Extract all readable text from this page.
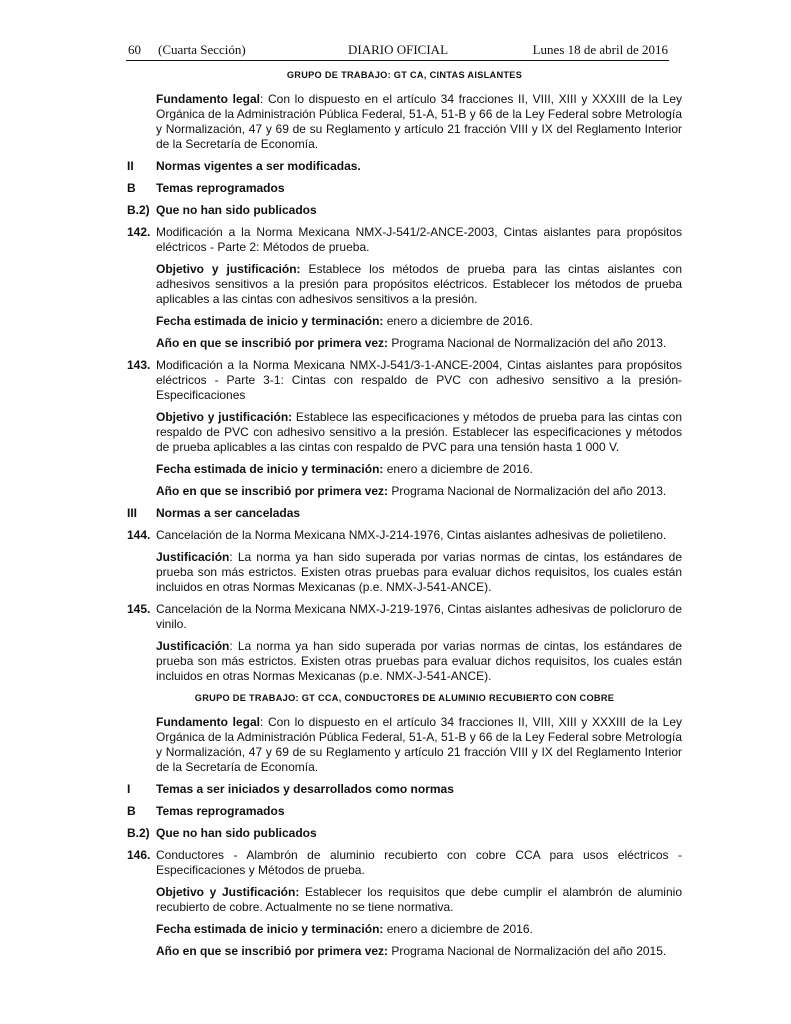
DIARIO OFICIAL
60 (Cuarta Sección)	Lunes 18 de abril de 2016
GRUPO DE TRABAJO: GT CA, CINTAS AISLANTES
Fundamento legal: Con lo dispuesto en el artículo 34 fracciones II, VIII, XIII y XXXIII de la Ley Orgánica de la Administración Pública Federal, 51-A, 51-B y 66 de la Ley Federal sobre Metrología y Normalización, 47 y 69 de su Reglamento y artículo 21 fracción VIII y IX del Reglamento Interior de la Secretaría de Economía.
II Normas vigentes a ser modificadas.
B Temas reprogramados
B.2) Que no han sido publicados
142. Modificación a la Norma Mexicana NMX-J-541/2-ANCE-2003, Cintas aislantes para propósitos eléctricos - Parte 2: Métodos de prueba.
Objetivo y justificación: Establece los métodos de prueba para las cintas aislantes con adhesivos sensitivos a la presión para propósitos eléctricos. Establecer los métodos de prueba aplicables a las cintas con adhesivos sensitivos a la presión.
Fecha estimada de inicio y terminación: enero a diciembre de 2016.
Año en que se inscribió por primera vez: Programa Nacional de Normalización del año 2013.
143. Modificación a la Norma Mexicana NMX-J-541/3-1-ANCE-2004, Cintas aislantes para propósitos eléctricos - Parte 3-1: Cintas con respaldo de PVC con adhesivo sensitivo a la presión-Especificaciones
Objetivo y justificación: Establece las especificaciones y métodos de prueba para las cintas con respaldo de PVC con adhesivo sensitivo a la presión. Establecer las especificaciones y métodos de prueba aplicables a las cintas con respaldo de PVC para una tensión hasta 1 000 V.
Fecha estimada de inicio y terminación: enero a diciembre de 2016.
Año en que se inscribió por primera vez: Programa Nacional de Normalización del año 2013.
III Normas a ser canceladas
144. Cancelación de la Norma Mexicana NMX-J-214-1976, Cintas aislantes adhesivas de polietileno.
Justificación: La norma ya han sido superada por varias normas de cintas, los estándares de prueba son más estrictos. Existen otras pruebas para evaluar dichos requisitos, los cuales están incluidos en otras Normas Mexicanas (p.e. NMX-J-541-ANCE).
145. Cancelación de la Norma Mexicana NMX-J-219-1976, Cintas aislantes adhesivas de policloruro de vinilo.
Justificación: La norma ya han sido superada por varias normas de cintas, los estándares de prueba son más estrictos. Existen otras pruebas para evaluar dichos requisitos, los cuales están incluidos en otras Normas Mexicanas (p.e. NMX-J-541-ANCE).
GRUPO DE TRABAJO: GT CCA, CONDUCTORES DE ALUMINIO RECUBIERTO CON COBRE
Fundamento legal: Con lo dispuesto en el artículo 34 fracciones II, VIII, XIII y XXXIII de la Ley Orgánica de la Administración Pública Federal, 51-A, 51-B y 66 de la Ley Federal sobre Metrología y Normalización, 47 y 69 de su Reglamento y artículo 21 fracción VIII y IX del Reglamento Interior de la Secretaría de Economía.
I Temas a ser iniciados y desarrollados como normas
B Temas reprogramados
B.2) Que no han sido publicados
146. Conductores - Alambrón de aluminio recubierto con cobre CCA para usos eléctricos - Especificaciones y Métodos de prueba.
Objetivo y Justificación: Establecer los requisitos que debe cumplir el alambrón de aluminio recubierto de cobre. Actualmente no se tiene normativa.
Fecha estimada de inicio y terminación: enero a diciembre de 2016.
Año en que se inscribió por primera vez: Programa Nacional de Normalización del año 2015.
